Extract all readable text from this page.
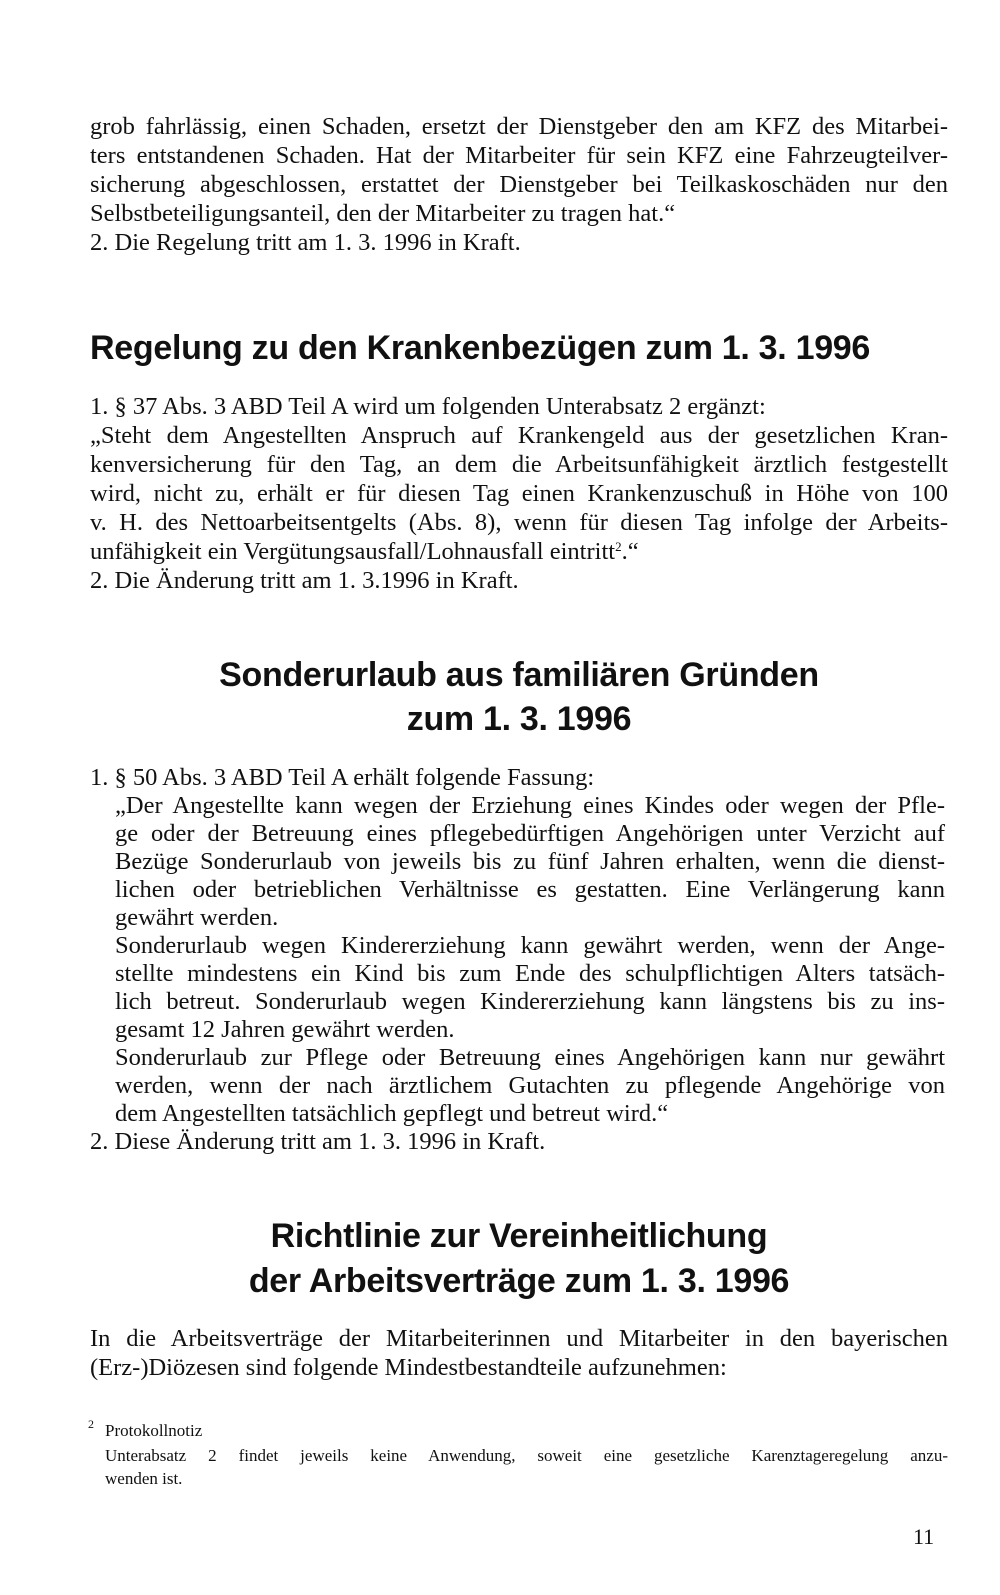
grob fahrlässig, einen Schaden, ersetzt der Dienstgeber den am KFZ des Mitarbei-
ters entstandenen Schaden. Hat der Mitarbeiter für sein KFZ eine Fahrzeugteilver-
sicherung abgeschlossen, erstattet der Dienstgeber bei Teilkaskoschäden nur den
Selbstbeteiligungsanteil, den der Mitarbeiter zu tragen hat.“
2. Die Regelung tritt am 1. 3. 1996 in Kraft.
Regelung zu den Krankenbezügen zum 1. 3. 1996
1. § 37 Abs. 3 ABD Teil A wird um folgenden Unterabsatz 2 ergänzt:
„Steht dem Angestellten Anspruch auf Krankengeld aus der gesetzlichen Kran-
kenversicherung für den Tag, an dem die Arbeitsunfähigkeit ärztlich festgestellt
wird, nicht zu, erhält er für diesen Tag einen Krankenzuschuß in Höhe von 100
v. H. des Nettoarbeitsentgelts (Abs. 8), wenn für diesen Tag infolge der Arbeits-
unfähigkeit ein Vergütungsausfall/Lohnausfall eintritt$^2$.“
2. Die Änderung tritt am 1. 3.1996 in Kraft.
Sonderurlaub aus familiären Gründen
zum 1. 3. 1996
1. § 50 Abs. 3 ABD Teil A erhält folgende Fassung:
„Der Angestellte kann wegen der Erziehung eines Kindes oder wegen der Pfle-
ge oder der Betreuung eines pflegebedürftigen Angehörigen unter Verzicht auf
Bezüge Sonderurlaub von jeweils bis zu fünf Jahren erhalten, wenn die dienst-
lichen oder betrieblichen Verhältnisse es gestatten. Eine Verlängerung kann
gewährt werden.
Sonderurlaub wegen Kindererziehung kann gewährt werden, wenn der Ange-
stellte mindestens ein Kind bis zum Ende des schulpflichtigen Alters tatsäch-
lich betreut. Sonderurlaub wegen Kindererziehung kann längstens bis zu ins-
gesamt 12 Jahren gewährt werden.
Sonderurlaub zur Pflege oder Betreuung eines Angehörigen kann nur gewährt
werden, wenn der nach ärztlichem Gutachten zu pflegende Angehörige von
dem Angestellten tatsächlich gepflegt und betreut wird.“
2. Diese Änderung tritt am 1. 3. 1996 in Kraft.
Richtlinie zur Vereinheitlichung
der Arbeitsverträge zum 1. 3. 1996
In die Arbeitsverträge der Mitarbeiterinnen und Mitarbeiter in den bayerischen
(Erz-)Diözesen sind folgende Mindestbestandteile aufzunehmen:
2 Protokollnotiz
Unterabsatz 2 findet jeweils keine Anwendung, soweit eine gesetzliche Karenztageregelung anzu-
wenden ist.
11
